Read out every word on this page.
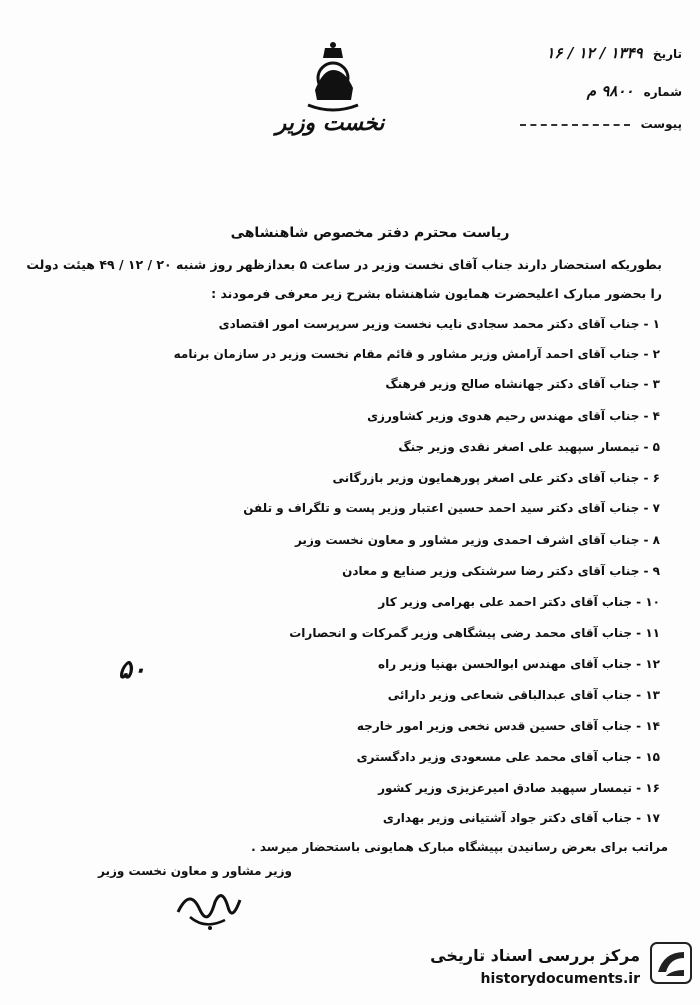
نخست وزیر
تاریخ ۱۳۴۹ / ۱۲ / ۱۶
شماره ۹۸۰۰ م
پیوست
ریاست محترم دفتر مخصوص شاهنشاهی
بطوریکه استحضار دارند جناب آقای نخست وزیر در ساعت ۵ بعدازظهر روز شنبه ۲۰ / ۱۲ / ۴۹ هیئت دولت
را بحضور مبارک اعلیحضرت همایون شاهنشاه بشرح زیر معرفی فرمودند :
۱ - جناب آقای دکتر محمد سجادی نایب نخست وزیر سرپرست امور اقتصادی
۲ - جناب آقای احمد آرامش وزیر مشاور و قائم مقام نخست وزیر در سازمان برنامه
۳ - جناب آقای دکتر جهانشاه صالح وزیر فرهنگ
۴ - جناب آقای مهندس رحیم هدوی وزیر کشاورزی
۵ - تیمسار سپهبد علی اصغر نقدی وزیر جنگ
۶ - جناب آقای دکتر علی اصغر پورهمایون وزیر بازرگانی
۷ - جناب آقای دکتر سید احمد حسین اعتبار وزیر پست و تلگراف و تلفن
۸ - جناب آقای اشرف احمدی وزیر مشاور و معاون نخست وزیر
۹ - جناب آقای دکتر رضا سرشتکی وزیر صنایع و معادن
۱۰ - جناب آقای دکتر احمد علی بهرامی وزیر کار
۱۱ - جناب آقای محمد رضی پیشگاهی وزیر گمرکات و انحصارات
۱۲ - جناب آقای مهندس ابوالحسن بهنیا وزیر راه
۱۳ - جناب آقای عبدالباقی شعاعی وزیر دارائی
۱۴ - جناب آقای حسین قدس نخعی وزیر امور خارجه
۱۵ - جناب آقای محمد علی مسعودی وزیر دادگستری
۱۶ - تیمسار سپهبد صادق امیرعزیزی وزیر کشور
۱۷ - جناب آقای دکتر جواد آشتیانی وزیر بهداری
۵۰
مراتب برای بعرض رسانیدن بپیشگاه مبارک همایونی باستحضار میرسد .
وزیر مشاور و معاون نخست وزیر
مرکز بررسی اسناد تاریخی
historydocuments.ir
